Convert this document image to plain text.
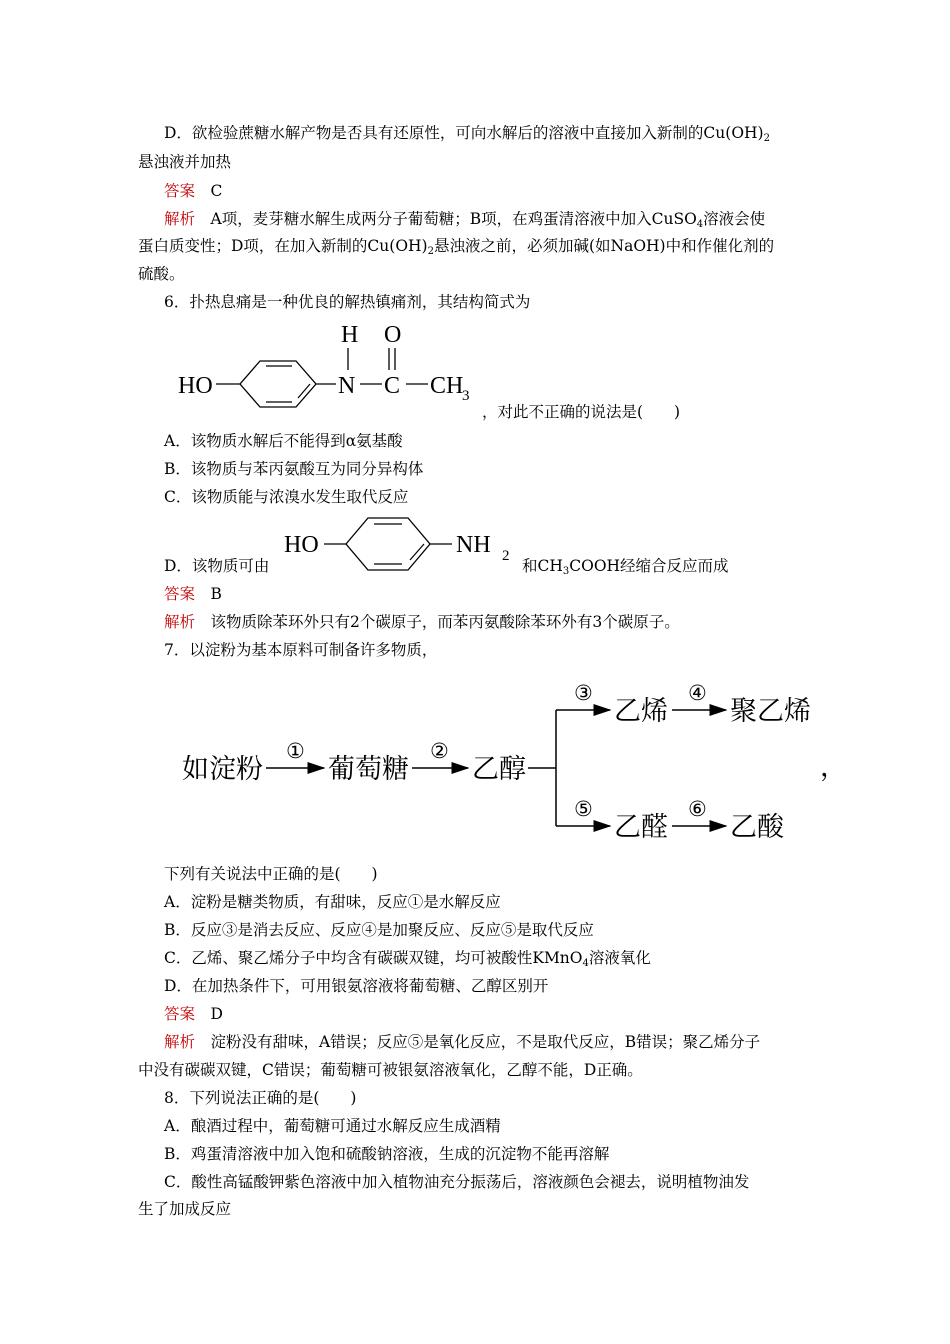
D．欲检验蔗糖水解产物是否具有还原性，可向水解后的溶液中直接加入新制的$Cu(OH)_2$
悬浊液并加热
答案　 C
解析　 A项，麦芽糖水解生成两分子葡萄糖；B项，在鸡蛋清溶液中加入CuSO$_4$溶液会使
蛋白质变性；D项，在加入新制的$Cu(OH)_2$悬浊液之前，必须加碱(如NaOH)中和作催化剂的
硫酸。
6．扑热息痛是一种优良的解热镇痛剂，其结构简式为
HO	N
H
C
O
CH
3
，对此不正确的说法是(　　)
A．该物质水解后不能得到α氨基酸
B．该物质与苯丙氨酸互为同分异构体
C．该物质能与浓溴水发生取代反应
D．该物质可由
HO	NH 2
和$CH_3COOH$经缩合反应而成
答案　 B
解析　 该物质除苯环外只有2个碳原子，而苯丙氨酸除苯环外有3个碳原子。
7．以淀粉为基本原料可制备许多物质，
如淀粉
①
葡萄糖
②
乙醇
③
乙烯
④
聚乙烯
⑤
乙醛
⑥
乙酸
，
下列有关说法中正确的是(　　)
A．淀粉是糖类物质，有甜味，反应①是水解反应
B．反应③是消去反应、反应④是加聚反应、反应⑤是取代反应
C．乙烯、聚乙烯分子中均含有碳碳双键，均可被酸性KMnO$_4$溶液氧化
D．在加热条件下，可用银氨溶液将葡萄糖、乙醇区别开
答案　 D
解析　 淀粉没有甜味，A错误；反应⑤是氧化反应，不是取代反应，B错误；聚乙烯分子
中没有碳碳双键，C错误；葡萄糖可被银氨溶液氧化，乙醇不能，D正确。
8．下列说法正确的是(　　)
A．酿酒过程中，葡萄糖可通过水解反应生成酒精
B．鸡蛋清溶液中加入饱和硫酸钠溶液，生成的沉淀物不能再溶解
C．酸性高锰酸钾紫色溶液中加入植物油充分振荡后，溶液颜色会褪去，说明植物油发
生了加成反应
